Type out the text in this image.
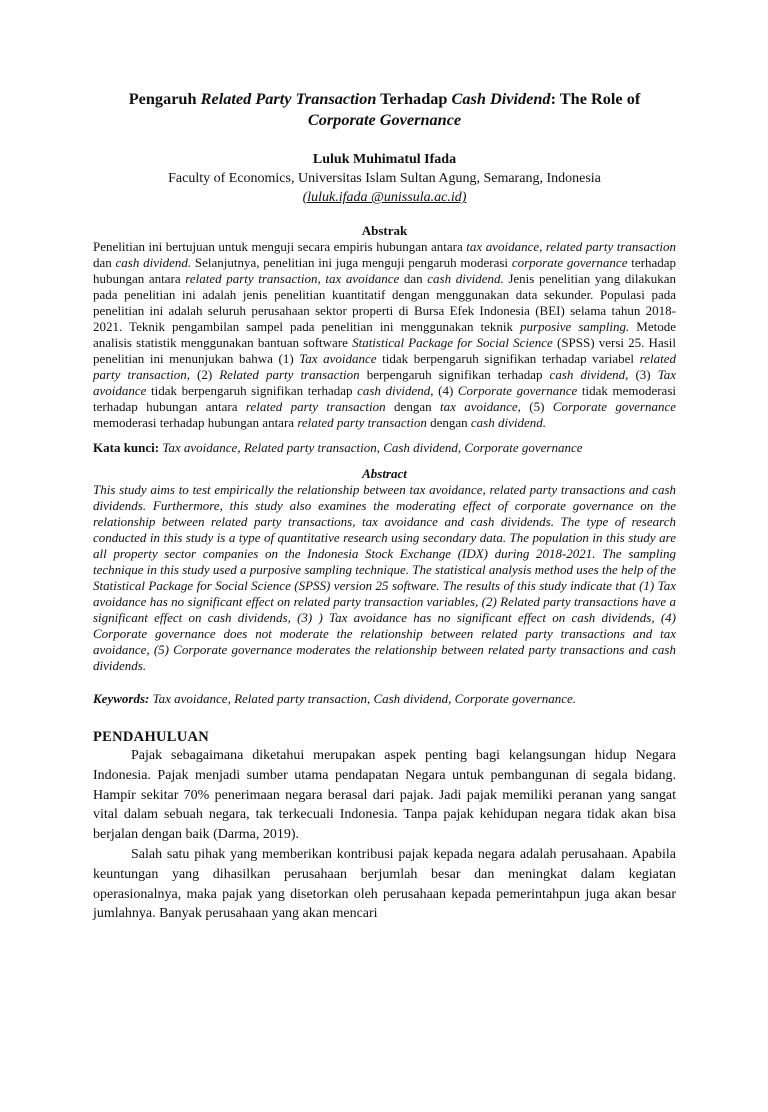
Pengaruh Related Party Transaction Terhadap Cash Dividend: The Role of
Corporate Governance
Luluk Muhimatul Ifada
Faculty of Economics, Universitas Islam Sultan Agung, Semarang, Indonesia
(luluk.ifada @unissula.ac.id)
Abstrak
Penelitian ini bertujuan untuk menguji secara empiris hubungan antara tax avoidance, related party transaction dan cash dividend. Selanjutnya, penelitian ini juga menguji pengaruh moderasi corporate governance terhadap hubungan antara related party transaction, tax avoidance dan cash dividend. Jenis penelitian yang dilakukan pada penelitian ini adalah jenis penelitian kuantitatif dengan menggunakan data sekunder. Populasi pada penelitian ini adalah seluruh perusahaan sektor properti di Bursa Efek Indonesia (BEI) selama tahun 2018-2021. Teknik pengambilan sampel pada penelitian ini menggunakan teknik purposive sampling. Metode analisis statistik menggunakan bantuan software Statistical Package for Social Science (SPSS) versi 25. Hasil penelitian ini menunjukan bahwa (1) Tax avoidance tidak berpengaruh signifikan terhadap variabel related party transaction, (2) Related party transaction berpengaruh signifikan terhadap cash dividend, (3) Tax avoidance tidak berpengaruh signifikan terhadap cash dividend, (4) Corporate governance tidak memoderasi terhadap hubungan antara related party transaction dengan tax avoidance, (5) Corporate governance memoderasi terhadap hubungan antara related party transaction dengan cash dividend.
Kata kunci: Tax avoidance, Related party transaction, Cash dividend, Corporate governance
Abstract
This study aims to test empirically the relationship between tax avoidance, related party transactions and cash dividends. Furthermore, this study also examines the moderating effect of corporate governance on the relationship between related party transactions, tax avoidance and cash dividends. The type of research conducted in this study is a type of quantitative research using secondary data. The population in this study are all property sector companies on the Indonesia Stock Exchange (IDX) during 2018-2021. The sampling technique in this study used a purposive sampling technique. The statistical analysis method uses the help of the Statistical Package for Social Science (SPSS) version 25 software. The results of this study indicate that (1) Tax avoidance has no significant effect on related party transaction variables, (2) Related party transactions have a significant effect on cash dividends, (3) ) Tax avoidance has no significant effect on cash dividends, (4) Corporate governance does not moderate the relationship between related party transactions and tax avoidance, (5) Corporate governance moderates the relationship between related party transactions and cash dividends.
Keywords: Tax avoidance, Related party transaction, Cash dividend, Corporate governance.
PENDAHULUAN
Pajak sebagaimana diketahui merupakan aspek penting bagi kelangsungan hidup Negara Indonesia. Pajak menjadi sumber utama pendapatan Negara untuk pembangunan di segala bidang. Hampir sekitar 70% penerimaan negara berasal dari pajak. Jadi pajak memiliki peranan yang sangat vital dalam sebuah negara, tak terkecuali Indonesia. Tanpa pajak kehidupan negara tidak akan bisa berjalan dengan baik (Darma, 2019).
Salah satu pihak yang memberikan kontribusi pajak kepada negara adalah perusahaan. Apabila keuntungan yang dihasilkan perusahaan berjumlah besar dan meningkat dalam kegiatan operasionalnya, maka pajak yang disetorkan oleh perusahaan kepada pemerintahpun juga akan besar jumlahnya. Banyak perusahaan yang akan mencari
